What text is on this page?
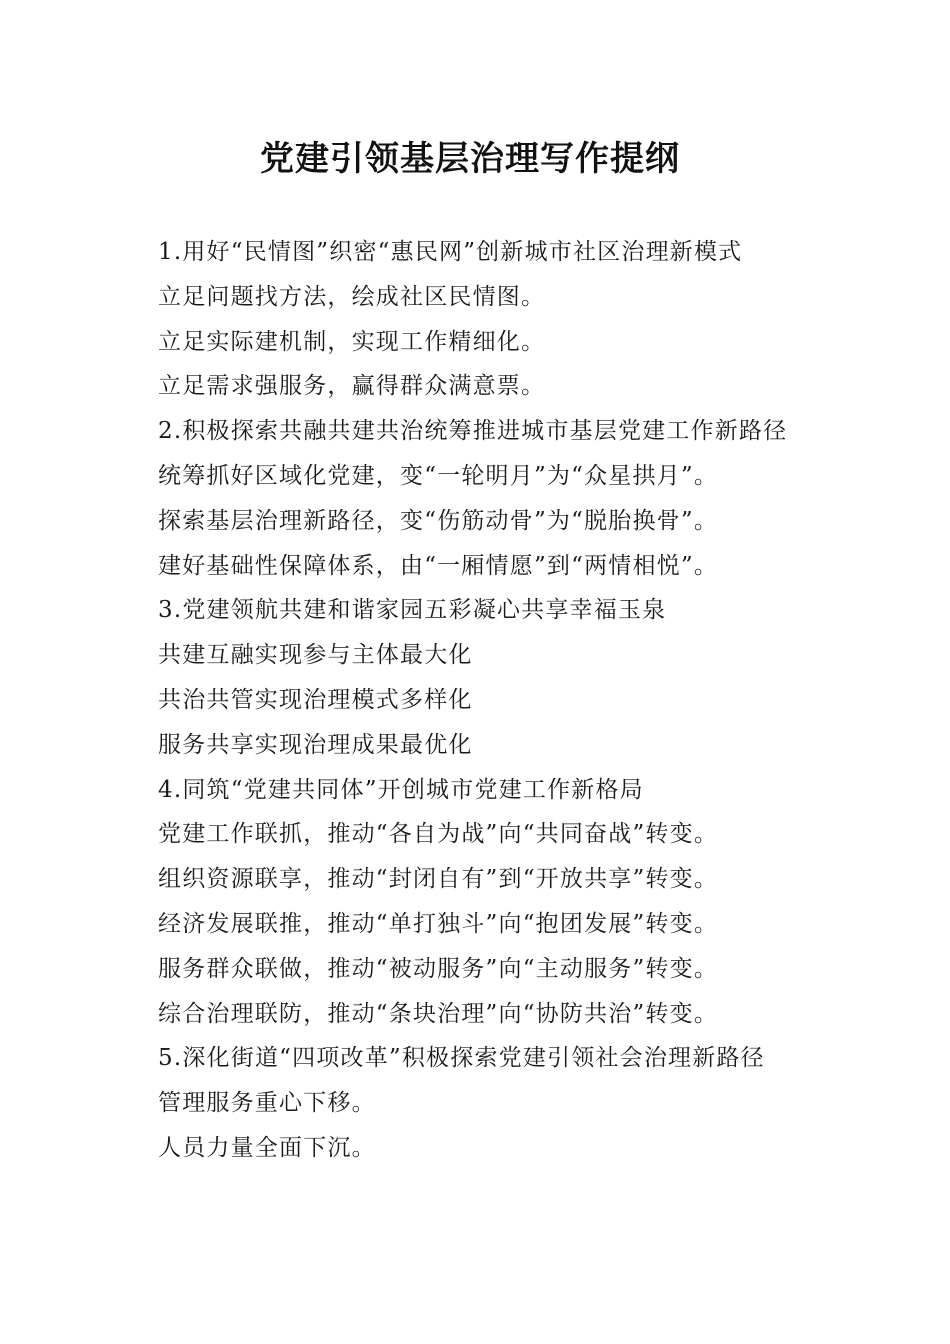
党建引领基层治理写作提纲
1.用好“民情图”织密“惠民网”创新城市社区治理新模式
立足问题找方法，绘成社区民情图。
立足实际建机制，实现工作精细化。
立足需求强服务，赢得群众满意票。
2.积极探索共融共建共治统筹推进城市基层党建工作新路径
统筹抓好区域化党建，变“一轮明月”为“众星拱月”。
探索基层治理新路径，变“伤筋动骨”为“脱胎换骨”。
建好基础性保障体系，由“一厢情愿”到“两情相悦”。
3.党建领航共建和谐家园五彩凝心共享幸福玉泉
共建互融实现参与主体最大化
共治共管实现治理模式多样化
服务共享实现治理成果最优化
4.同筑“党建共同体”开创城市党建工作新格局
党建工作联抓，推动“各自为战”向“共同奋战”转变。
组织资源联享，推动“封闭自有”到“开放共享”转变。
经济发展联推，推动“单打独斗”向“抱团发展”转变。
服务群众联做，推动“被动服务”向“主动服务”转变。
综合治理联防，推动“条块治理”向“协防共治”转变。
5.深化街道“四项改革”积极探索党建引领社会治理新路径
管理服务重心下移。
人员力量全面下沉。
